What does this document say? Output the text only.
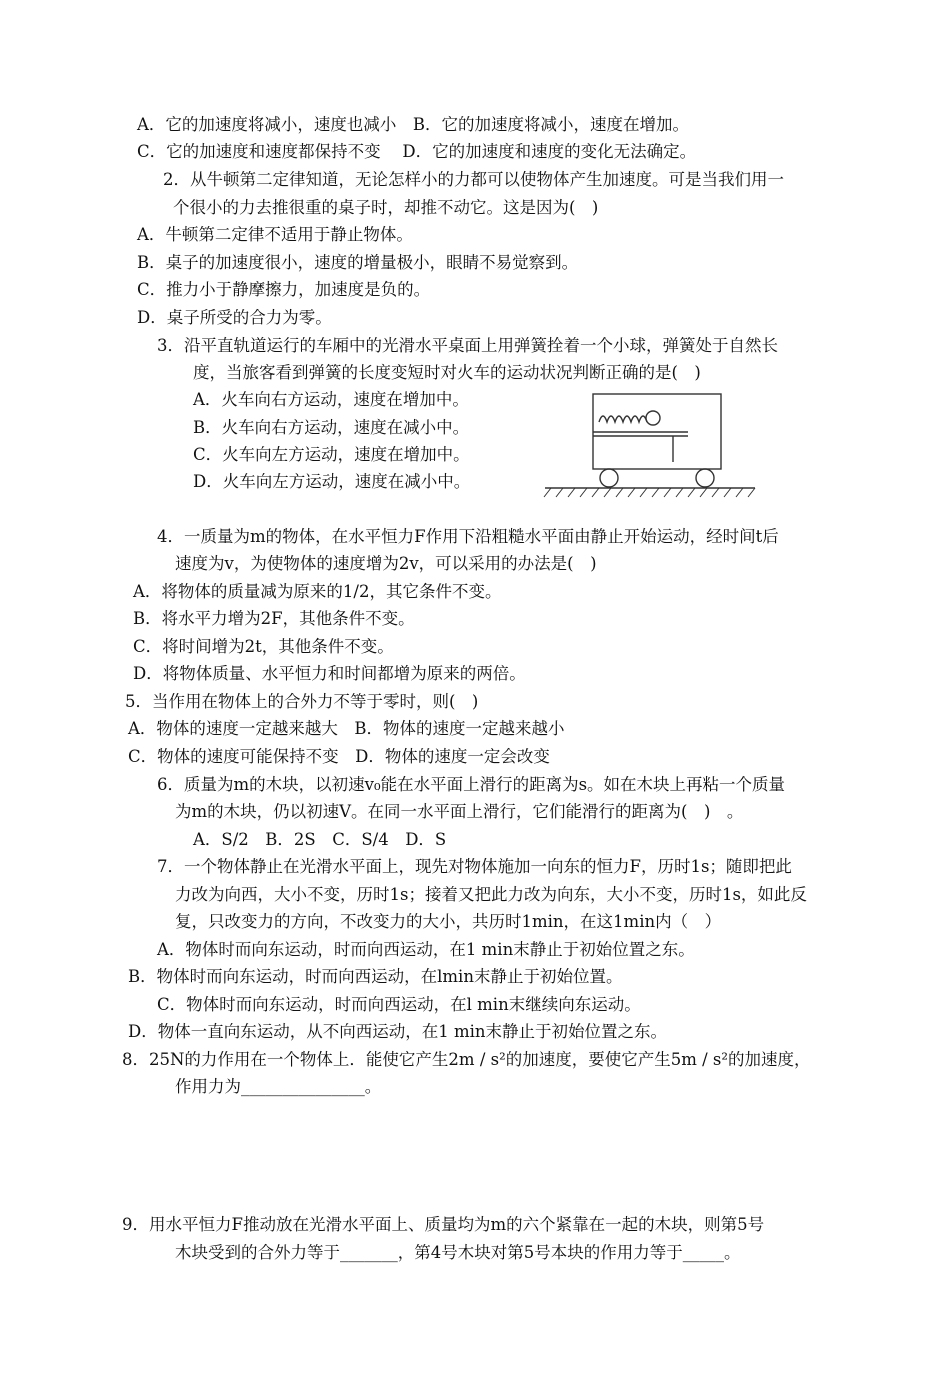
A．它的加速度将减小，速度也减小　B．它的加速度将减小，速度在增加。
C．它的加速度和速度都保持不变　 D．它的加速度和速度的变化无法确定。
2．从牛顿第二定律知道，无论怎样小的力都可以使物体产生加速度。可是当我们用一
个很小的力去推很重的桌子时，却推不动它。这是因为(　)
A．牛顿第二定律不适用于静止物体。
B．桌子的加速度很小，速度的增量极小，眼睛不易觉察到。
C．推力小于静摩擦力，加速度是负的。
D．桌子所受的合力为零。
3．沿平直轨道运行的车厢中的光滑水平桌面上用弹簧拴着一个小球，弹簧处于自然长
度，当旅客看到弹簧的长度变短时对火车的运动状况判断正确的是(　)
A．火车向右方运动，速度在增加中。
B．火车向右方运动，速度在减小中。
C．火车向左方运动，速度在增加中。
D．火车向左方运动，速度在减小中。
4．一质量为m的物体，在水平恒力F作用下沿粗糙水平面由静止开始运动，经时间t后
速度为v，为使物体的速度增为2v，可以采用的办法是(　)
A．将物体的质量减为原来的1/2，其它条件不变。
B．将水平力增为2F，其他条件不变。
C．将时间增为2t，其他条件不变。
D．将物体质量、水平恒力和时间都增为原来的两倍。
5．当作用在物体上的合外力不等于零时，则(　)
A．物体的速度一定越来越大　B．物体的速度一定越来越小
C．物体的速度可能保持不变　D．物体的速度一定会改变
6．质量为m的木块，以初速v₀能在水平面上滑行的距离为s。如在木块上再粘一个质量
为m的木块，仍以初速V。在同一水平面上滑行，它们能滑行的距离为(　)　。
A．S/2　B．2S　C．S/4　D．S
7．一个物体静止在光滑水平面上，现先对物体施加一向东的恒力F，历时1s；随即把此
力改为向西，大小不变，历时1s；接着又把此力改为向东，大小不变，历时1s，如此反
复，只改变力的方向，不改变力的大小，共历时1min，在这1min内（　）
A．物体时而向东运动，时而向西运动，在1 min末静止于初始位置之东。
B．物体时而向东运动，时而向西运动，在lmin末静止于初始位置。
C．物体时而向东运动，时而向西运动，在l min末继续向东运动。
D．物体一直向东运动，从不向西运动，在1 min末静止于初始位置之东。
8．25N的力作用在一个物体上．能使它产生2m / s²的加速度，要使它产生5m / s²的加速度，
作用力为_______________。
9．用水平恒力F推动放在光滑水平面上、质量均为m的六个紧靠在一起的木块，则第5号
木块受到的合外力等于_______，第4号木块对第5号本块的作用力等于_____。
